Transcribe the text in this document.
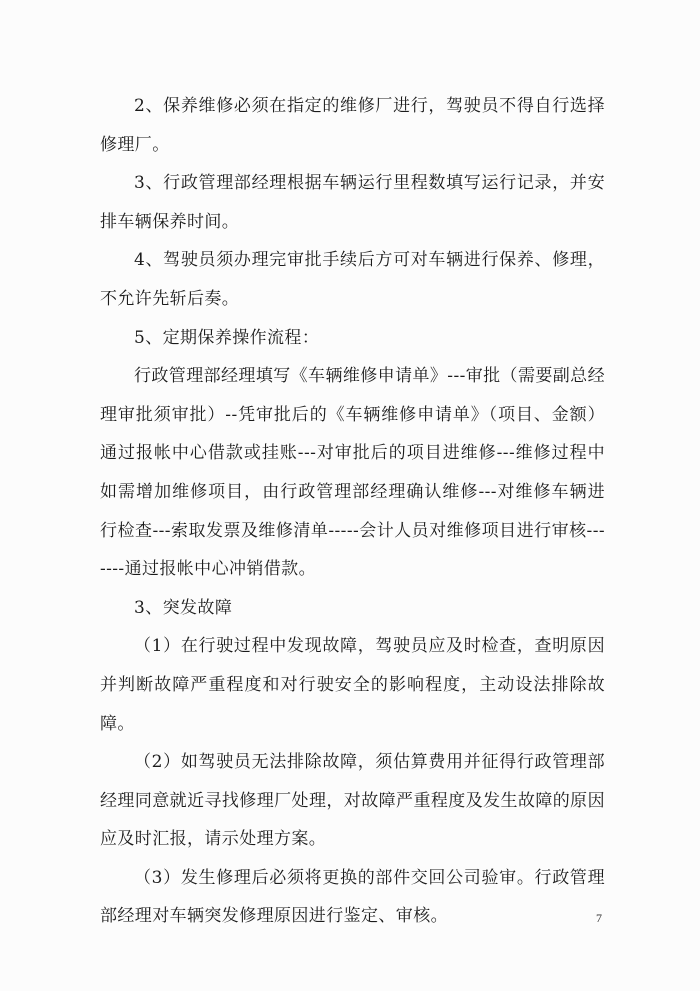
2、保养维修必须在指定的维修厂进行，驾驶员不得自行选择修理厂。

3、行政管理部经理根据车辆运行里程数填写运行记录，并安排车辆保养时间。

4、驾驶员须办理完审批手续后方可对车辆进行保养、修理，不允许先斩后奏。

5、定期保养操作流程：

行政管理部经理填写《车辆维修申请单》---审批（需要副总经理审批须审批）--凭审批后的《车辆维修申请单》（项目、金额）通过报帐中心借款或挂账---对审批后的项目进维修---维修过程中如需增加维修项目，由行政管理部经理确认维修---对维修车辆进行检查---索取发票及维修清单-----会计人员对维修项目进行审核-------通过报帐中心冲销借款。

3、突发故障

（1）在行驶过程中发现故障，驾驶员应及时检查，查明原因并判断故障严重程度和对行驶安全的影响程度，主动设法排除故障。

（2）如驾驶员无法排除故障，须估算费用并征得行政管理部经理同意就近寻找修理厂处理，对故障严重程度及发生故障的原因应及时汇报，请示处理方案。

（3）发生修理后必须将更换的部件交回公司验审。行政管理部经理对车辆突发修理原因进行鉴定、审核。	7
